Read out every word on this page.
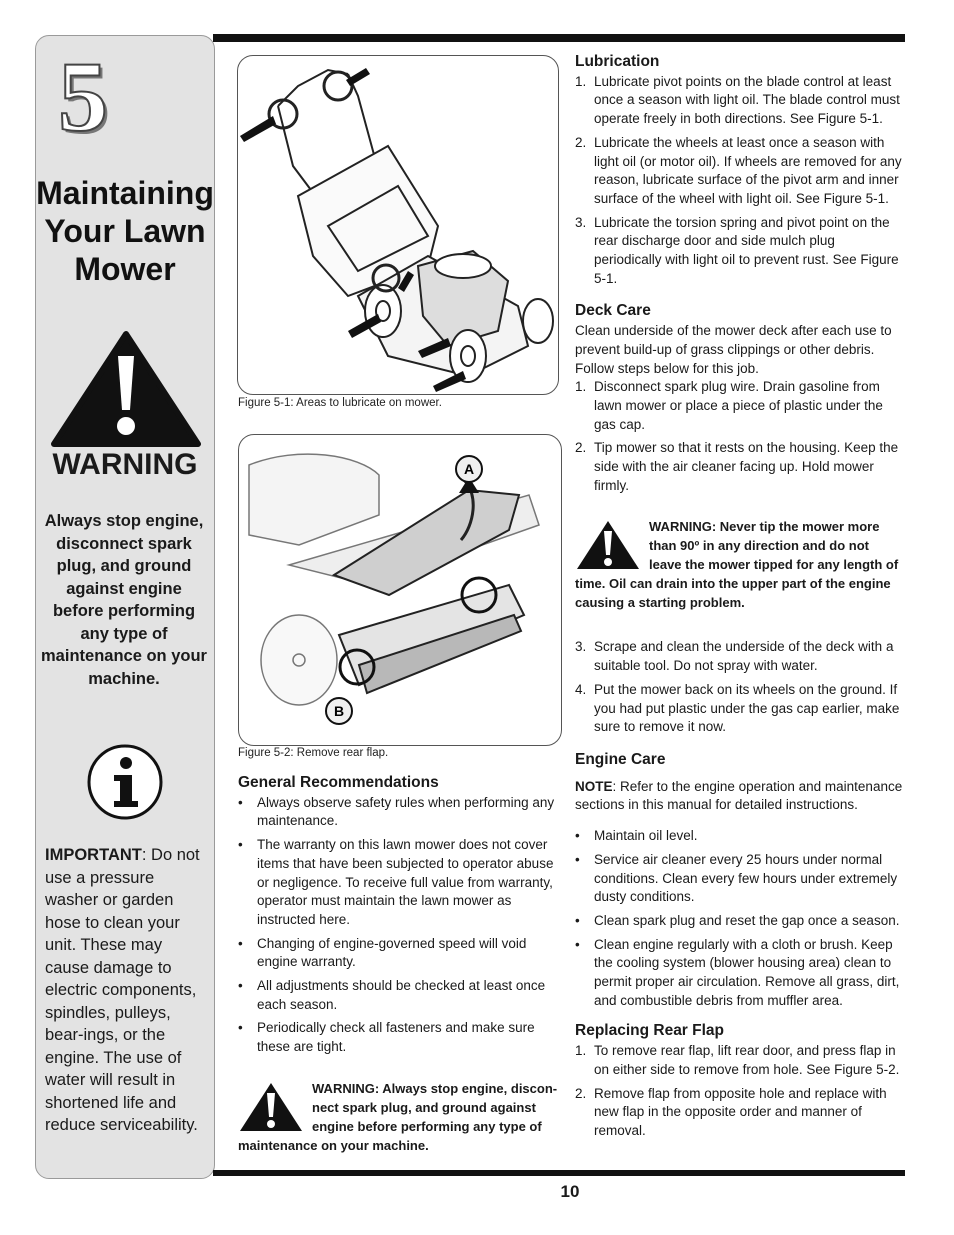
5
Maintaining
Your Lawn
Mower
WARNING
Always stop engine, disconnect spark plug, and ground against engine before performing any type of maintenance on your machine.
IMPORTANT: Do not use a pressure washer or garden hose to clean your unit. These may cause damage to electric components, spindles, pulleys, bear-ings, or the engine. The use of water will result in shortened life and reduce serviceability.
Figure 5-1: Areas to lubricate on mower.
A
B
Figure 5-2: Remove rear flap.
General Recommendations
• Always observe safety rules when performing any maintenance.
• The warranty on this lawn mower does not cover items that have been subjected to operator abuse or negligence. To receive full value from warranty, operator must maintain the lawn mower as instructed here.
• Changing of engine-governed speed will void engine warranty.
• All adjustments should be checked at least once each season.
• Periodically check all fasteners and make sure these are tight.
WARNING: Always stop engine, discon-nect spark plug, and ground against engine before performing any type of maintenance on your machine.
Lubrication
1. Lubricate pivot points on the blade control at least once a season with light oil. The blade control must operate freely in both directions. See Figure 5-1.
2. Lubricate the wheels at least once a season with light oil (or motor oil). If wheels are removed for any reason, lubricate surface of the pivot arm and inner surface of the wheel with light oil. See Figure 5-1.
3. Lubricate the torsion spring and pivot point on the rear discharge door and side mulch plug periodically with light oil to prevent rust. See Figure 5-1.
Deck Care
Clean underside of the mower deck after each use to prevent build-up of grass clippings or other debris. Follow steps below for this job.
1. Disconnect spark plug wire. Drain gasoline from lawn mower or place a piece of plastic under the gas cap.
2. Tip mower so that it rests on the housing. Keep the side with the air cleaner facing up. Hold mower firmly.
WARNING: Never tip the mower more than 90º in any direction and do not leave the mower tipped for any length of time. Oil can drain into the upper part of the engine causing a starting problem.
3. Scrape and clean the underside of the deck with a suitable tool. Do not spray with water.
4. Put the mower back on its wheels on the ground. If you had put plastic under the gas cap earlier, make sure to remove it now.
Engine Care
NOTE: Refer to the engine operation and maintenance sections in this manual for detailed instructions.
• Maintain oil level.
• Service air cleaner every 25 hours under normal conditions. Clean every few hours under extremely dusty conditions.
• Clean spark plug and reset the gap once a season.
• Clean engine regularly with a cloth or brush. Keep the cooling system (blower housing area) clean to permit proper air circulation. Remove all grass, dirt, and combustible debris from muffler area.
Replacing Rear Flap
1. To remove rear flap, lift rear door, and press flap in on either side to remove from hole. See Figure 5-2.
2. Remove flap from opposite hole and replace with new flap in the opposite order and manner of removal.
10
